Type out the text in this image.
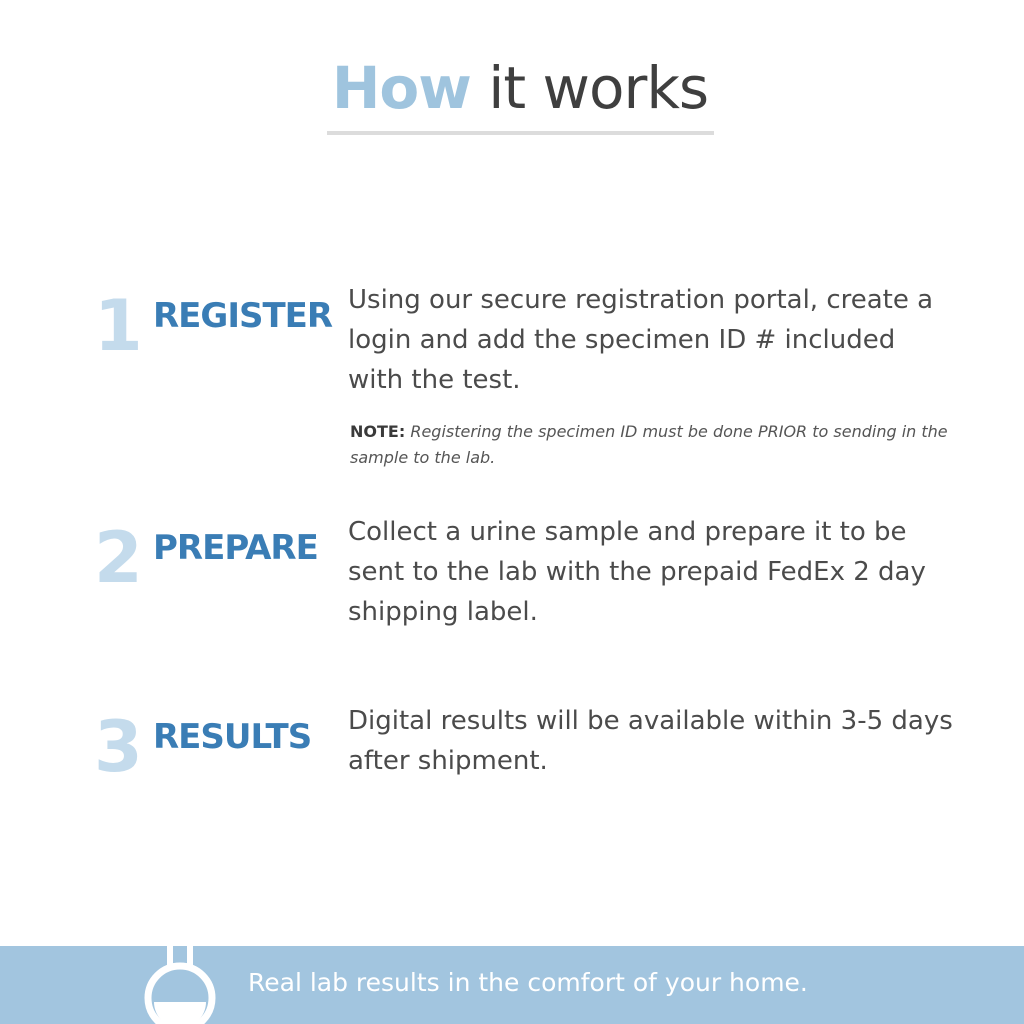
How it works
1 REGISTER Using our secure registration portal, create a login and add the specimen ID # included with the test.

NOTE: Registering the specimen ID must be done PRIOR to sending in the sample to the lab.
2 PREPARE Collect a urine sample and prepare it to be sent to the lab with the prepaid FedEx 2 day shipping label.

3 RESULTS Digital results will be available within 3-5 days after shipment.

Real lab results in the comfort of your home.
